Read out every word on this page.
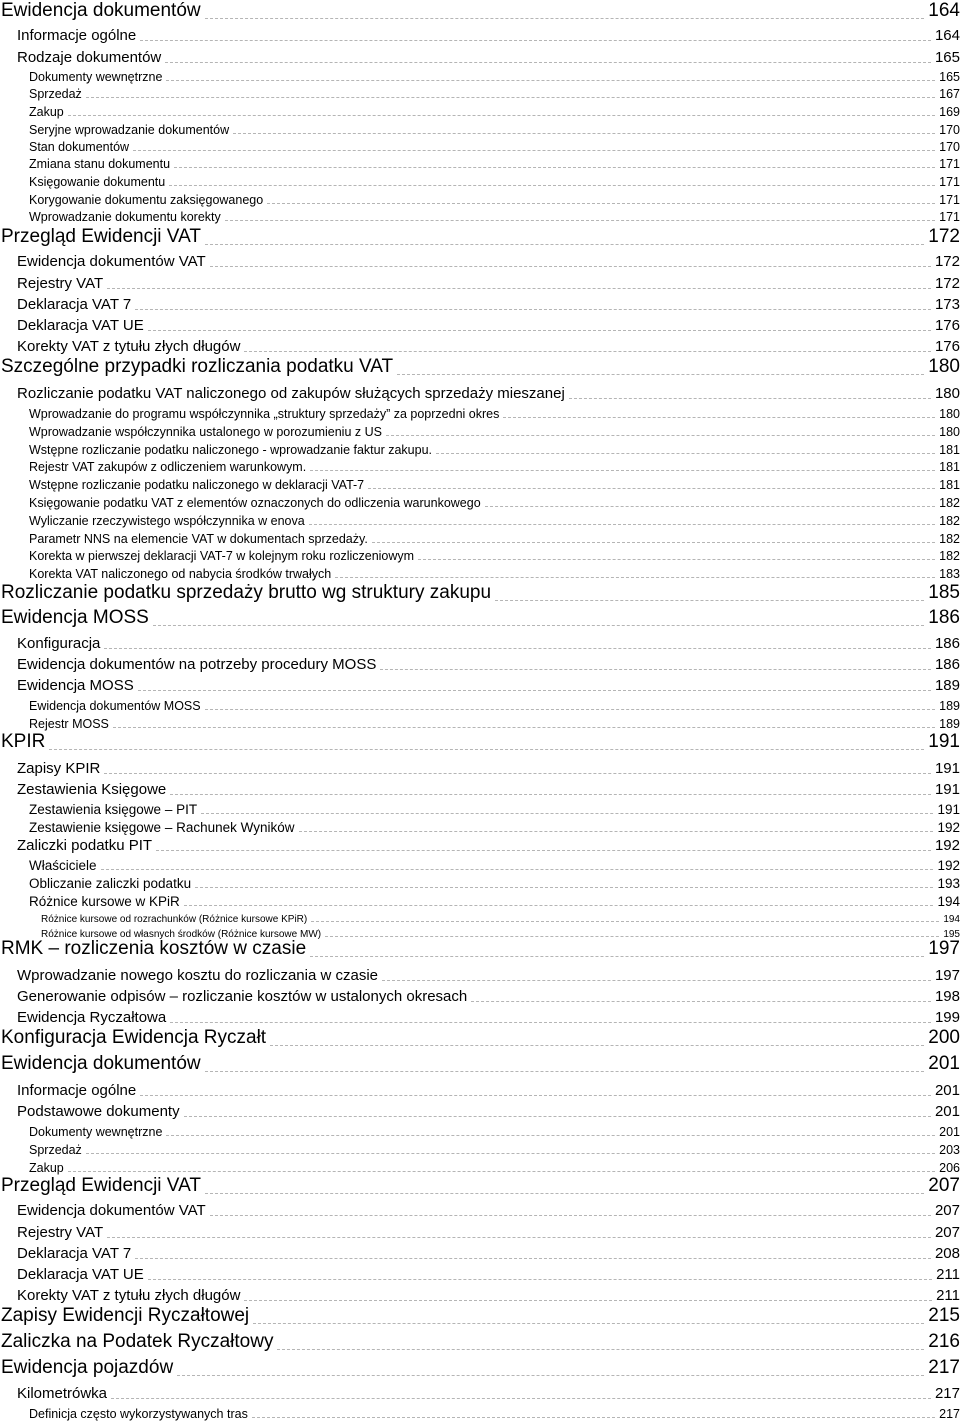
Ewidencja dokumentów	164
Informacje ogólne	164
Rodzaje dokumentów	165
Dokumenty wewnętrzne	165
Sprzedaż	167
Zakup	169
Seryjne wprowadzanie dokumentów	170
Stan dokumentów	170
Zmiana stanu dokumentu	171
Księgowanie dokumentu	171
Korygowanie dokumentu zaksięgowanego	171
Wprowadzanie dokumentu korekty	171
Przegląd Ewidencji VAT	172
Ewidencja dokumentów VAT	172
Rejestry VAT	172
Deklaracja VAT 7	173
Deklaracja VAT UE	176
Korekty VAT z tytułu złych długów	176
Szczególne przypadki rozliczania podatku VAT	180
Rozliczanie podatku VAT naliczonego od zakupów służących sprzedaży mieszanej	180
Wprowadzanie do programu współczynnika „struktury sprzedaży” za poprzedni okres	180
Wprowadzanie współczynnika ustalonego w porozumieniu z US	180
Wstępne rozliczanie podatku naliczonego - wprowadzanie faktur zakupu.	181
Rejestr VAT zakupów z odliczeniem warunkowym.	181
Wstępne rozliczanie podatku naliczonego w deklaracji VAT-7	181
Księgowanie podatku VAT z elementów oznaczonych do odliczenia warunkowego	182
Wyliczanie rzeczywistego współczynnika w enova	182
Parametr NNS na elemencie VAT w dokumentach sprzedaży.	182
Korekta w pierwszej deklaracji VAT-7 w kolejnym roku rozliczeniowym	182
Korekta VAT naliczonego od nabycia środków trwałych	183
Rozliczanie podatku sprzedaży brutto wg struktury zakupu	185
Ewidencja MOSS	186
Konfiguracja	186
Ewidencja dokumentów na potrzeby procedury MOSS	186
Ewidencja MOSS	189
Ewidencja dokumentów MOSS	189
Rejestr MOSS	189
KPIR	191
Zapisy KPIR	191
Zestawienia Księgowe	191
Zestawienia księgowe – PIT	191
Zestawienie księgowe – Rachunek Wyników	192
Zaliczki podatku PIT	192
Właściciele	192
Obliczanie zaliczki podatku	193
Różnice kursowe w KPiR	194
Różnice kursowe od rozrachunków (Różnice kursowe KPiR)	194
Różnice kursowe od własnych środków (Różnice kursowe MW)	195
RMK – rozliczenia kosztów w czasie	197
Wprowadzanie nowego kosztu do rozliczania w czasie	197
Generowanie odpisów – rozliczanie kosztów w ustalonych okresach	198
Ewidencja Ryczałtowa	199
Konfiguracja Ewidencja Ryczałt	200
Ewidencja dokumentów	201
Informacje ogólne	201
Podstawowe dokumenty	201
Dokumenty wewnętrzne	201
Sprzedaż	203
Zakup	206
Przegląd Ewidencji VAT	207
Ewidencja dokumentów VAT	207
Rejestry VAT	207
Deklaracja VAT 7	208
Deklaracja VAT UE	211
Korekty VAT z tytułu złych długów	211
Zapisy Ewidencji Ryczałtowej	215
Zaliczka na Podatek Ryczałtowy	216
Ewidencja pojazdów	217
Kilometrówka	217
Definicja często wykorzystywanych tras	217
